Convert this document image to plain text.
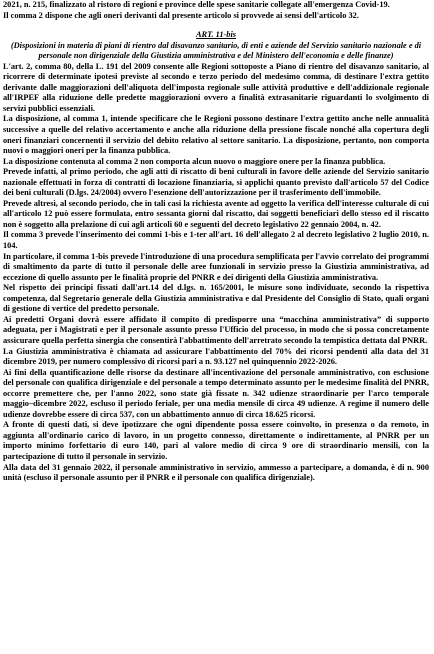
2021, n. 215, finalizzato al ristoro di regioni e province delle spese sanitarie collegate all'emergenza Covid-19.

Il comma 2 dispone che agli oneri derivanti dal presente articolo si provvede ai sensi dell'articolo 32.

ART. 11-bis

(Disposizioni in materia di piani di rientro dal disavanzo sanitario, di enti e aziende del Servizio sanitario nazionale e di personale non dirigenziale della Giustizia amministrativa e del Ministero dell'economia e delle finanze)

L'art. 2, comma 80, della L. 191 del 2009 consente alle Regioni sottoposte a Piano di rientro del disavanzo sanitario, al ricorrere di determinate ipotesi previste al secondo e terzo periodo del medesimo comma, di destinare l'extra gettito derivante dalle maggiorazioni dell'aliquota dell'imposta regionale sulle attività produttive e dell'addizionale regionale all'IRPEF alla riduzione delle predette maggiorazioni ovvero a finalità extrasanitarie riguardanti lo svolgimento di servizi pubblici essenziali.

La disposizione, al comma 1, intende specificare che le Regioni possono destinare l'extra gettito anche nelle annualità successive a quelle del relativo accertamento e anche alla riduzione della pressione fiscale nonché alla copertura degli oneri finanziari concernenti il servizio del debito relativo al settore sanitario. La disposizione, pertanto, non comporta nuovi o maggiori oneri per la finanza pubblica.

La disposizione contenuta al comma 2 non comporta alcun nuovo o maggiore onere per la finanza pubblica.

Prevede infatti, al primo periodo, che agli atti di riscatto di beni culturali in favore delle aziende del Servizio sanitario nazionale effettuati in forza di contratti di locazione finanziaria, si applichi quanto previsto dall'articolo 57 del Codice dei beni culturali (D.lgs. 24/2004) ovvero l'esenzione dell'autorizzazione per il trasferimento dell'immobile.

Prevede altresì, al secondo periodo, che in tali casi la richiesta avente ad oggetto la verifica dell'interesse culturale di cui all'articolo 12 può essere formulata, entro sessanta giorni dal riscatto, dai soggetti beneficiari dello stesso ed il riscatto non è soggetto alla prelazione di cui agli articoli 60 e seguenti del decreto legislativo 22 gennaio 2004, n. 42.

Il comma 3 prevede l'inserimento dei commi 1-bis e 1-ter all'art. 16 dell'allegato 2 al decreto legislativo 2 luglio 2010, n. 104.

In particolare, il comma 1-bis prevede l'introduzione di una procedura semplificata per l'avvio correlato dei programmi di smaltimento da parte di tutto il personale delle aree funzionali in servizio presso la Giustizia amministrativa, ad eccezione di quello assunto per le finalità proprie del PNRR e dei dirigenti della Giustizia amministrativa.

Nel rispetto dei principi fissati dall'art.14 del d.lgs. n. 165/2001, le misure sono individuate, secondo la rispettiva competenza, dal Segretario generale della Giustizia amministrativa e dal Presidente del Consiglio di Stato, quali organi di gestione di vertice del predetto personale.

Ai predetti Organi dovrà essere affidato il compito di predisporre una “macchina amministrativa” di supporto adeguata, per i Magistrati e per il personale assunto presso l'Ufficio del processo, in modo che si possa concretamente assicurare quella perfetta sinergia che consentirà l'abbattimento dell'arretrato secondo la tempistica dettata dal PNRR.

La Giustizia amministrativa è chiamata ad assicurare l'abbattimento del 70% dei ricorsi pendenti alla data del 31 dicembre 2019, per numero complessivo di ricorsi pari a n. 93.127 nel quinquennio 2022-2026.

Ai fini della quantificazione delle risorse da destinare all'incentivazione del personale amministrativo, con esclusione del personale con qualifica dirigenziale e del personale a tempo determinato assunto per le medesime finalità del PNRR, occorre premettere che, per l'anno 2022, sono state già fissate n. 342 udienze straordinarie per l'arco temporale maggio–dicembre 2022, escluso il periodo feriale, per una media mensile di circa 49 udienze. A regime il numero delle udienze dovrebbe essere di circa 537, con un abbattimento annuo di circa 18.625 ricorsi.

A fronte di questi dati, si deve ipotizzare che ogni dipendente possa essere coinvolto, in presenza o da remoto, in aggiunta all'ordinario carico di lavoro, in un progetto connesso, direttamente o indirettamente, al PNRR per un importo minimo forfettario di euro 140, pari al valore medio di circa 9 ore di straordinario mensili, con la partecipazione di tutto il personale in servizio.

Alla data del 31 gennaio 2022, il personale amministrativo in servizio, ammesso a partecipare, a domanda, è di n. 900 unità (escluso il personale assunto per il PNRR e il personale con qualifica dirigenziale).
